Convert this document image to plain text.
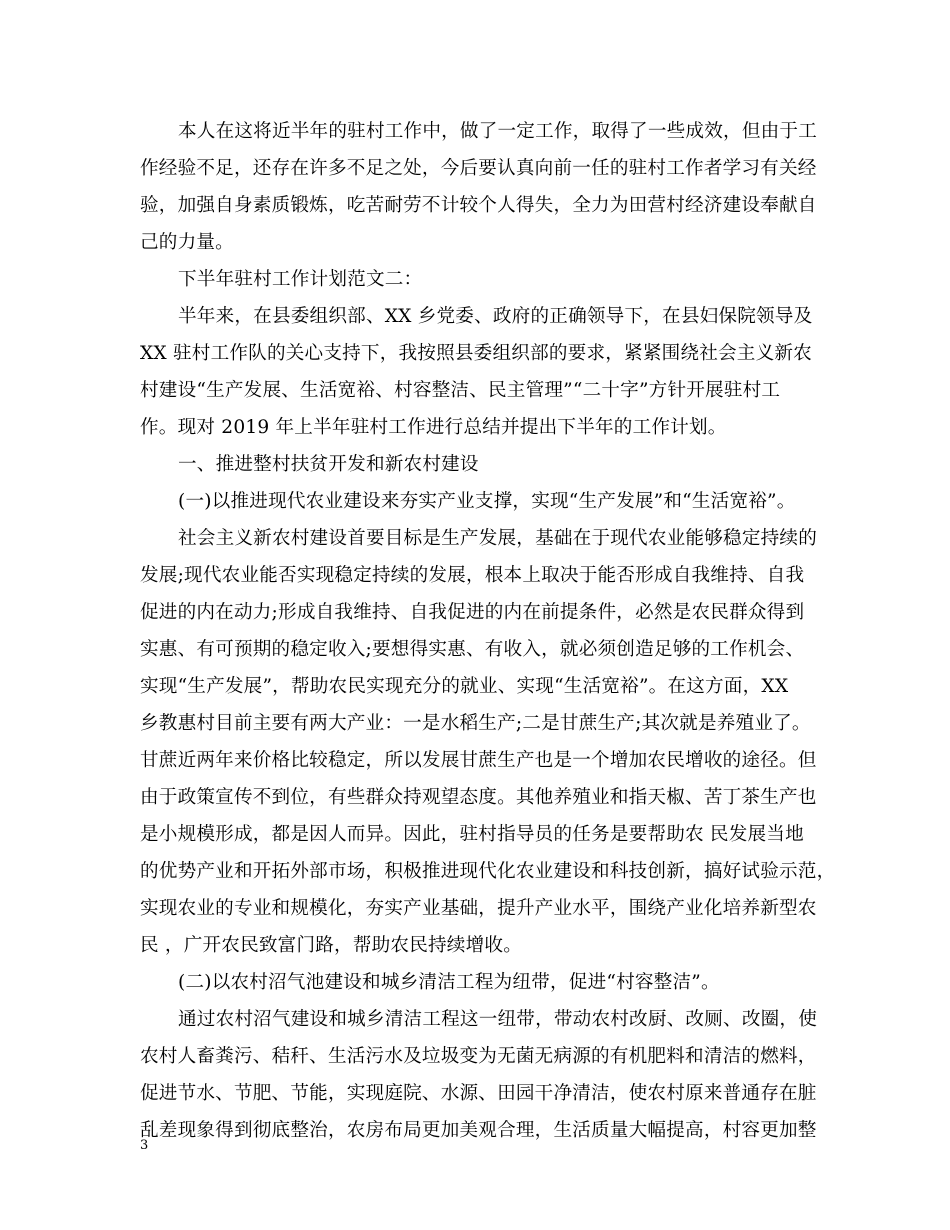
本人在这将近半年的驻村工作中，做了一定工作，取得了一些成效，但由于工
作经验不足，还存在许多不足之处，今后要认真向前一任的驻村工作者学习有关经
验，加强自身素质锻炼，吃苦耐劳不计较个人得失，全力为田营村经济建设奉献自
己的力量。
下半年驻村工作计划范文二：
半年来，在县委组织部、XX 乡党委、政府的正确领导下，在县妇保院领导及
XX 驻村工作队的关心支持下，我按照县委组织部的要求，紧紧围绕社会主义新农
村建设“生产发展、生活宽裕、村容整洁、民主管理”“二十字”方针开展驻村工
作。现对 2019 年上半年驻村工作进行总结并提出下半年的工作计划。
一、推进整村扶贫开发和新农村建设
(一)以推进现代农业建设来夯实产业支撑，实现“生产发展”和“生活宽裕”。
社会主义新农村建设首要目标是生产发展，基础在于现代农业能够稳定持续的
发展;现代农业能否实现稳定持续的发展，根本上取决于能否形成自我维持、自我
促进的内在动力;形成自我维持、自我促进的内在前提条件，必然是农民群众得到
实惠、有可预期的稳定收入;要想得实惠、有收入，就必须创造足够的工作机会、
实现“生产发展”，帮助农民实现充分的就业、实现“生活宽裕”。在这方面，XX
乡教惠村目前主要有两大产业：一是水稻生产;二是甘蔗生产;其次就是养殖业了。
甘蔗近两年来价格比较稳定，所以发展甘蔗生产也是一个增加农民增收的途径。但
由于政策宣传不到位，有些群众持观望态度。其他养殖业和指天椒、苦丁茶生产也
是小规模形成，都是因人而异。因此，驻村指导员的任务是要帮助农 民发展当地
的优势产业和开拓外部市场，积极推进现代化农业建设和科技创新，搞好试验示范，
实现农业的专业和规模化，夯实产业基础，提升产业水平，围绕产业化培养新型农
民 ，广开农民致富门路，帮助农民持续增收。
(二)以农村沼气池建设和城乡清洁工程为纽带，促进“村容整洁”。
通过农村沼气建设和城乡清洁工程这一纽带，带动农村改厨、改厕、改圈，使
农村人畜粪污、秸秆、生活污水及垃圾变为无菌无病源的有机肥料和清洁的燃料，
促进节水、节肥、节能，实现庭院、水源、田园干净清洁，使农村原来普通存在脏
乱差现象得到彻底整治，农房布局更加美观合理，生活质量大幅提高，村容更加整
3
